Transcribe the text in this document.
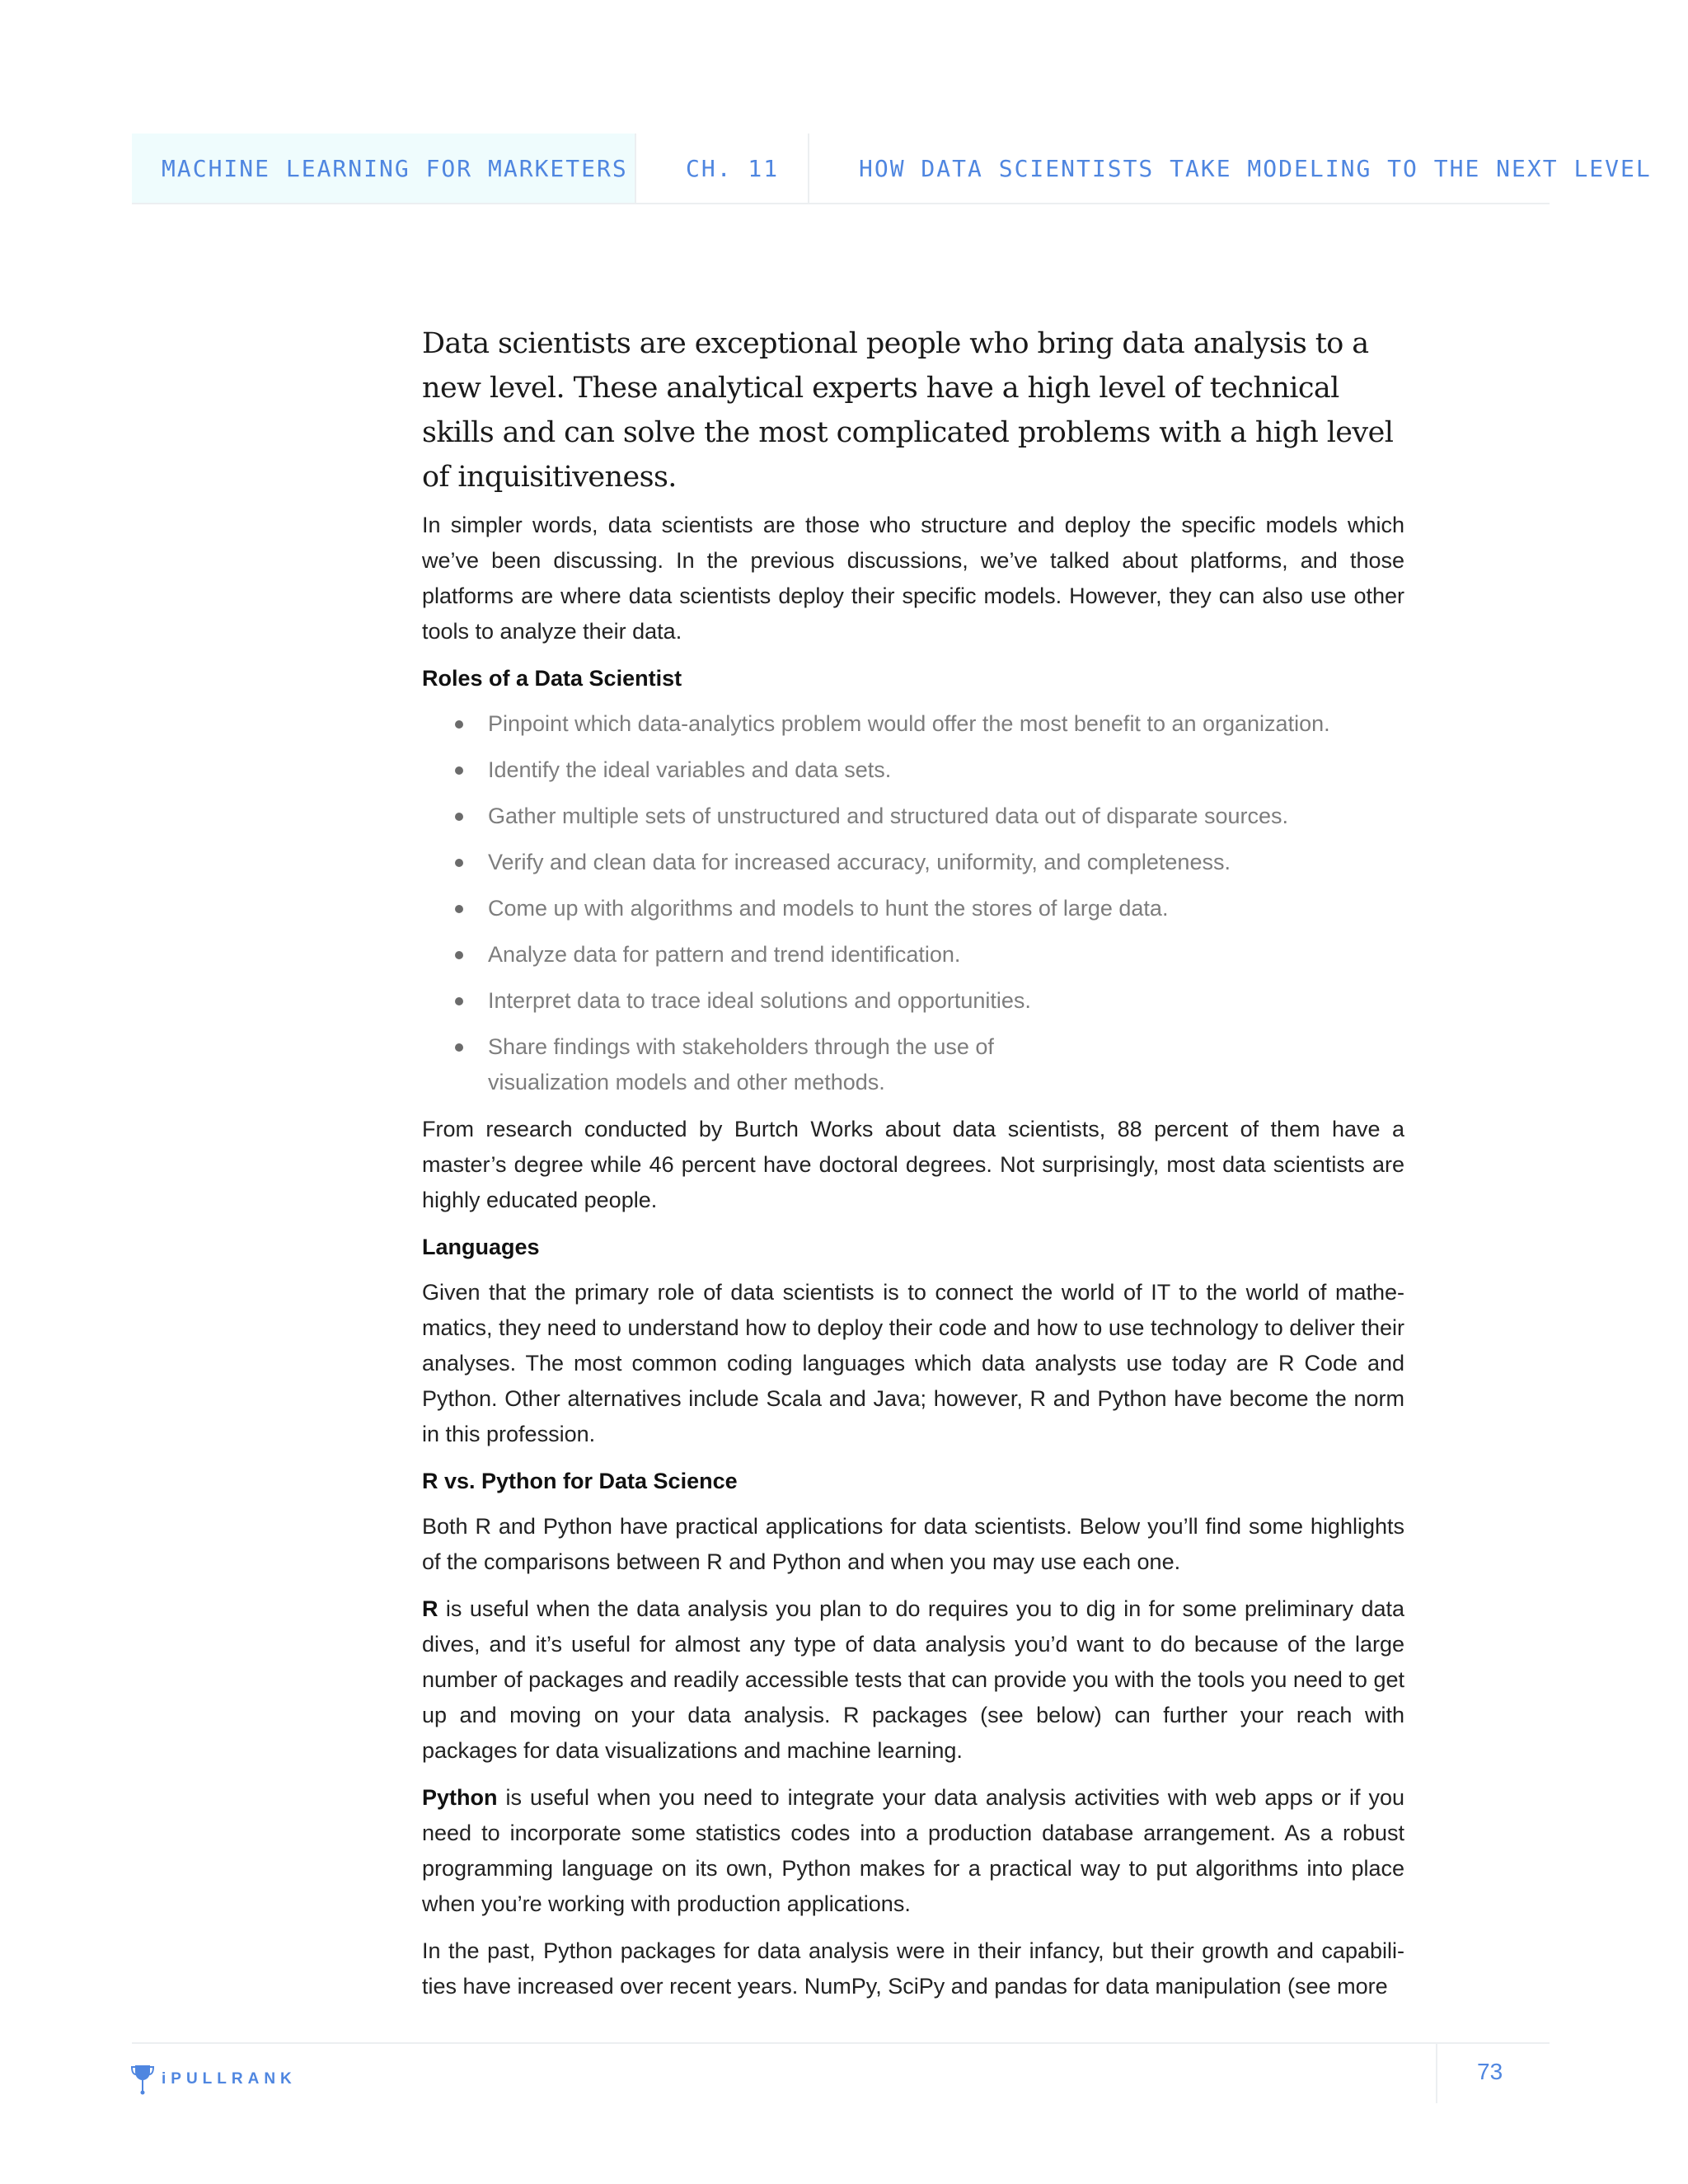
MACHINE LEARNING FOR MARKETERS	CH. 11	HOW DATA SCIENTISTS TAKE MODELING TO THE NEXT LEVEL

Data scientists are exceptional people who bring data analysis to a new level. These analytical experts have a high level of technical skills and can solve the most complicated problems with a high level of inquisitiveness.

In simpler words, data scientists are those who structure and deploy the specific models which we’ve been discussing. In the previous discussions, we’ve talked about platforms, and those platforms are where data scientists deploy their specific models. However, they can also use other tools to analyze their data.

Roles of a Data Scientist
Pinpoint which data-analytics problem would offer the most benefit to an organization.
Identify the ideal variables and data sets.
Gather multiple sets of unstructured and structured data out of disparate sources.
Verify and clean data for increased accuracy, uniformity, and completeness.
Come up with algorithms and models to hunt the stores of large data.
Analyze data for pattern and trend identification.
Interpret data to trace ideal solutions and opportunities.
Share findings with stakeholders through the use of visualization models and other methods.

From research conducted by Burtch Works about data scientists, 88 percent of them have a master’s degree while 46 percent have doctoral degrees. Not surprisingly, most data scientists are highly educated people.

Languages

Given that the primary role of data scientists is to connect the world of IT to the world of mathematics, they need to understand how to deploy their code and how to use technology to deliver their analyses. The most common coding languages which data analysts use today are R Code and Python. Other alternatives include Scala and Java; however, R and Python have become the norm in this profession.

R vs. Python for Data Science

Both R and Python have practical applications for data scientists. Below you’ll find some highlights of the comparisons between R and Python and when you may use each one.

R is useful when the data analysis you plan to do requires you to dig in for some preliminary data dives, and it’s useful for almost any type of data analysis you’d want to do because of the large number of packages and readily accessible tests that can provide you with the tools you need to get up and moving on your data analysis. R packages (see below) can further your reach with packages for data visualizations and machine learning.

Python is useful when you need to integrate your data analysis activities with web apps or if you need to incorporate some statistics codes into a production database arrangement. As a robust programming language on its own, Python makes for a practical way to put algorithms into place when you’re working with production applications.

In the past, Python packages for data analysis were in their infancy, but their growth and capabilities have increased over recent years. NumPy, SciPy and pandas for data manipulation (see more

iPULLRANK	73
